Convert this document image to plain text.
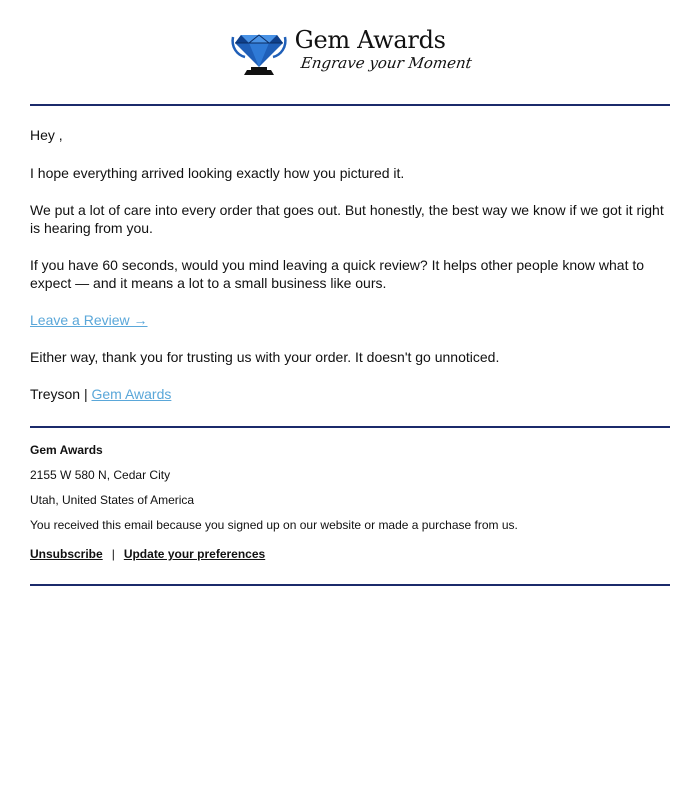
Gem Awards
Engrave your Moment

Hey ,

I hope everything arrived looking exactly how you pictured it.

We put a lot of care into every order that goes out. But honestly, the best way we know if we got it right is hearing from you.

If you have 60 seconds, would you mind leaving a quick review? It helps other people know what to expect — and it means a lot to a small business like ours.

Leave a Review →

Either way, thank you for trusting us with your order. It doesn't go unnoticed.

Treyson | Gem Awards

Gem Awards
2155 W 580 N, Cedar City
Utah, United States of America
You received this email because you signed up on our website or made a purchase from us.
Unsubscribe | Update your preferences
